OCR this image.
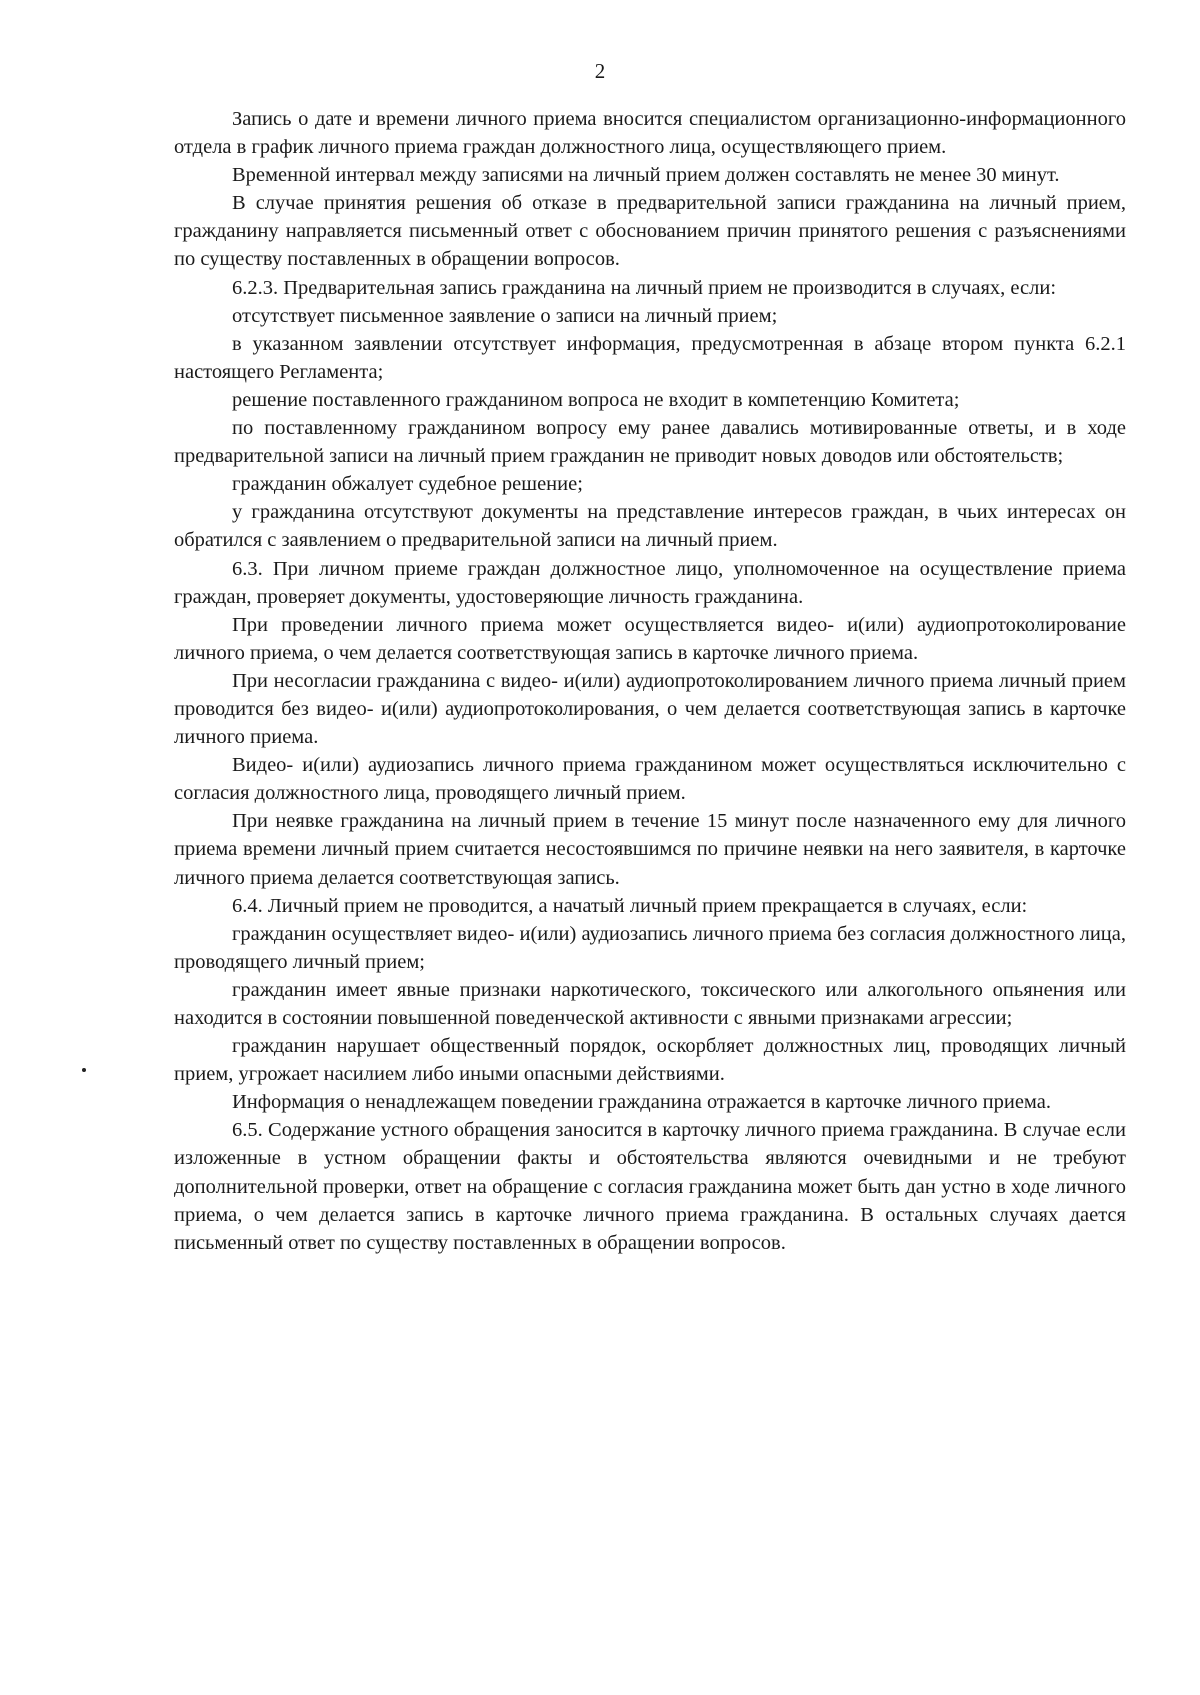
2

Запись о дате и времени личного приема вносится специалистом организационно-информационного отдела в график личного приема граждан должностного лица, осуществляющего прием.

Временной интервал между записями на личный прием должен составлять не менее 30 минут.

В случае принятия решения об отказе в предварительной записи гражданина на личный прием, гражданину направляется письменный ответ с обоснованием причин принятого решения с разъяснениями по существу поставленных в обращении вопросов.

6.2.3. Предварительная запись гражданина на личный прием не производится в случаях, если:

отсутствует письменное заявление о записи на личный прием;

в указанном заявлении отсутствует информация, предусмотренная в абзаце втором пункта 6.2.1 настоящего Регламента;

решение поставленного гражданином вопроса не входит в компетенцию Комитета;

по поставленному гражданином вопросу ему ранее давались мотивированные ответы, и в ходе предварительной записи на личный прием гражданин не приводит новых доводов или обстоятельств;

гражданин обжалует судебное решение;

у гражданина отсутствуют документы на представление интересов граждан, в чьих интересах он обратился с заявлением о предварительной записи на личный прием.

6.3. При личном приеме граждан должностное лицо, уполномоченное на осуществление приема граждан, проверяет документы, удостоверяющие личность гражданина.

При проведении личного приема может осуществляется видео- и(или) аудиопротоколирование личного приема, о чем делается соответствующая запись в карточке личного приема.

При несогласии гражданина с видео- и(или) аудиопротоколированием личного приема личный прием проводится без видео- и(или) аудиопротоколирования, о чем делается соответствующая запись в карточке личного приема.

Видео- и(или) аудиозапись личного приема гражданином может осуществляться исключительно с согласия должностного лица, проводящего личный прием.

При неявке гражданина на личный прием в течение 15 минут после назначенного ему для личного приема времени личный прием считается несостоявшимся по причине неявки на него заявителя, в карточке личного приема делается соответствующая запись.

6.4. Личный прием не проводится, а начатый личный прием прекращается в случаях, если:

гражданин осуществляет видео- и(или) аудиозапись личного приема без согласия должностного лица, проводящего личный прием;

гражданин имеет явные признаки наркотического, токсического или алкогольного опьянения или находится в состоянии повышенной поведенческой активности с явными признаками агрессии;

гражданин нарушает общественный порядок, оскорбляет должностных лиц, проводящих личный прием, угрожает насилием либо иными опасными действиями.

Информация о ненадлежащем поведении гражданина отражается в карточке личного приема.

6.5. Содержание устного обращения заносится в карточку личного приема гражданина. В случае если изложенные в устном обращении факты и обстоятельства являются очевидными и не требуют дополнительной проверки, ответ на обращение с согласия гражданина может быть дан устно в ходе личного приема, о чем делается запись в карточке личного приема гражданина. В остальных случаях дается письменный ответ по существу поставленных в обращении вопросов.
